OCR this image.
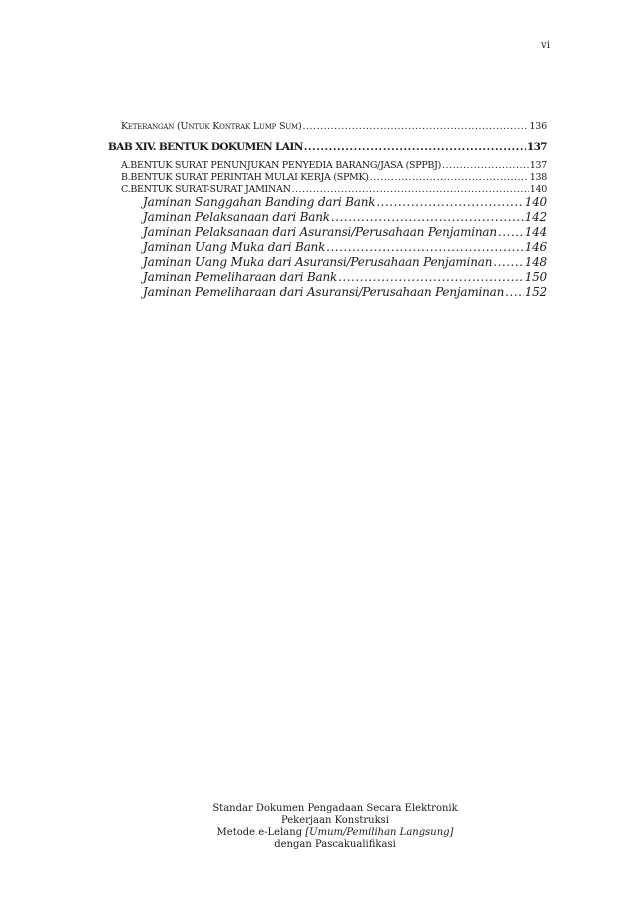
vi
Keterangan (Untuk Kontrak Lump Sum) .....	136
BAB XIV. BENTUK DOKUMEN LAIN .....	137
A. BENTUK SURAT PENUNJUKAN PENYEDIA BARANG/JASA (SPPBJ) .....	137
B. BENTUK SURAT PERINTAH MULAI KERJA (SPMK) .....	138
C. BENTUK SURAT-SURAT JAMINAN .....	140
Jaminan Sanggahan Banding dari Bank .....	140
Jaminan Pelaksanaan dari Bank .....	142
Jaminan Pelaksanaan dari Asuransi/Perusahaan Penjaminan ..... 144
Jaminan Uang Muka dari Bank .....	146
Jaminan Uang Muka dari Asuransi/Perusahaan Penjaminan .....	148
Jaminan Pemeliharaan dari Bank .....	150
Jaminan Pemeliharaan dari Asuransi/Perusahaan Penjaminan ..... 152
Standar Dokumen Pengadaan Secara Elektronik
Pekerjaan Konstruksi
Metode e-Lelang [Umum/Pemilihan Langsung]
dengan Pascakualifikasi
